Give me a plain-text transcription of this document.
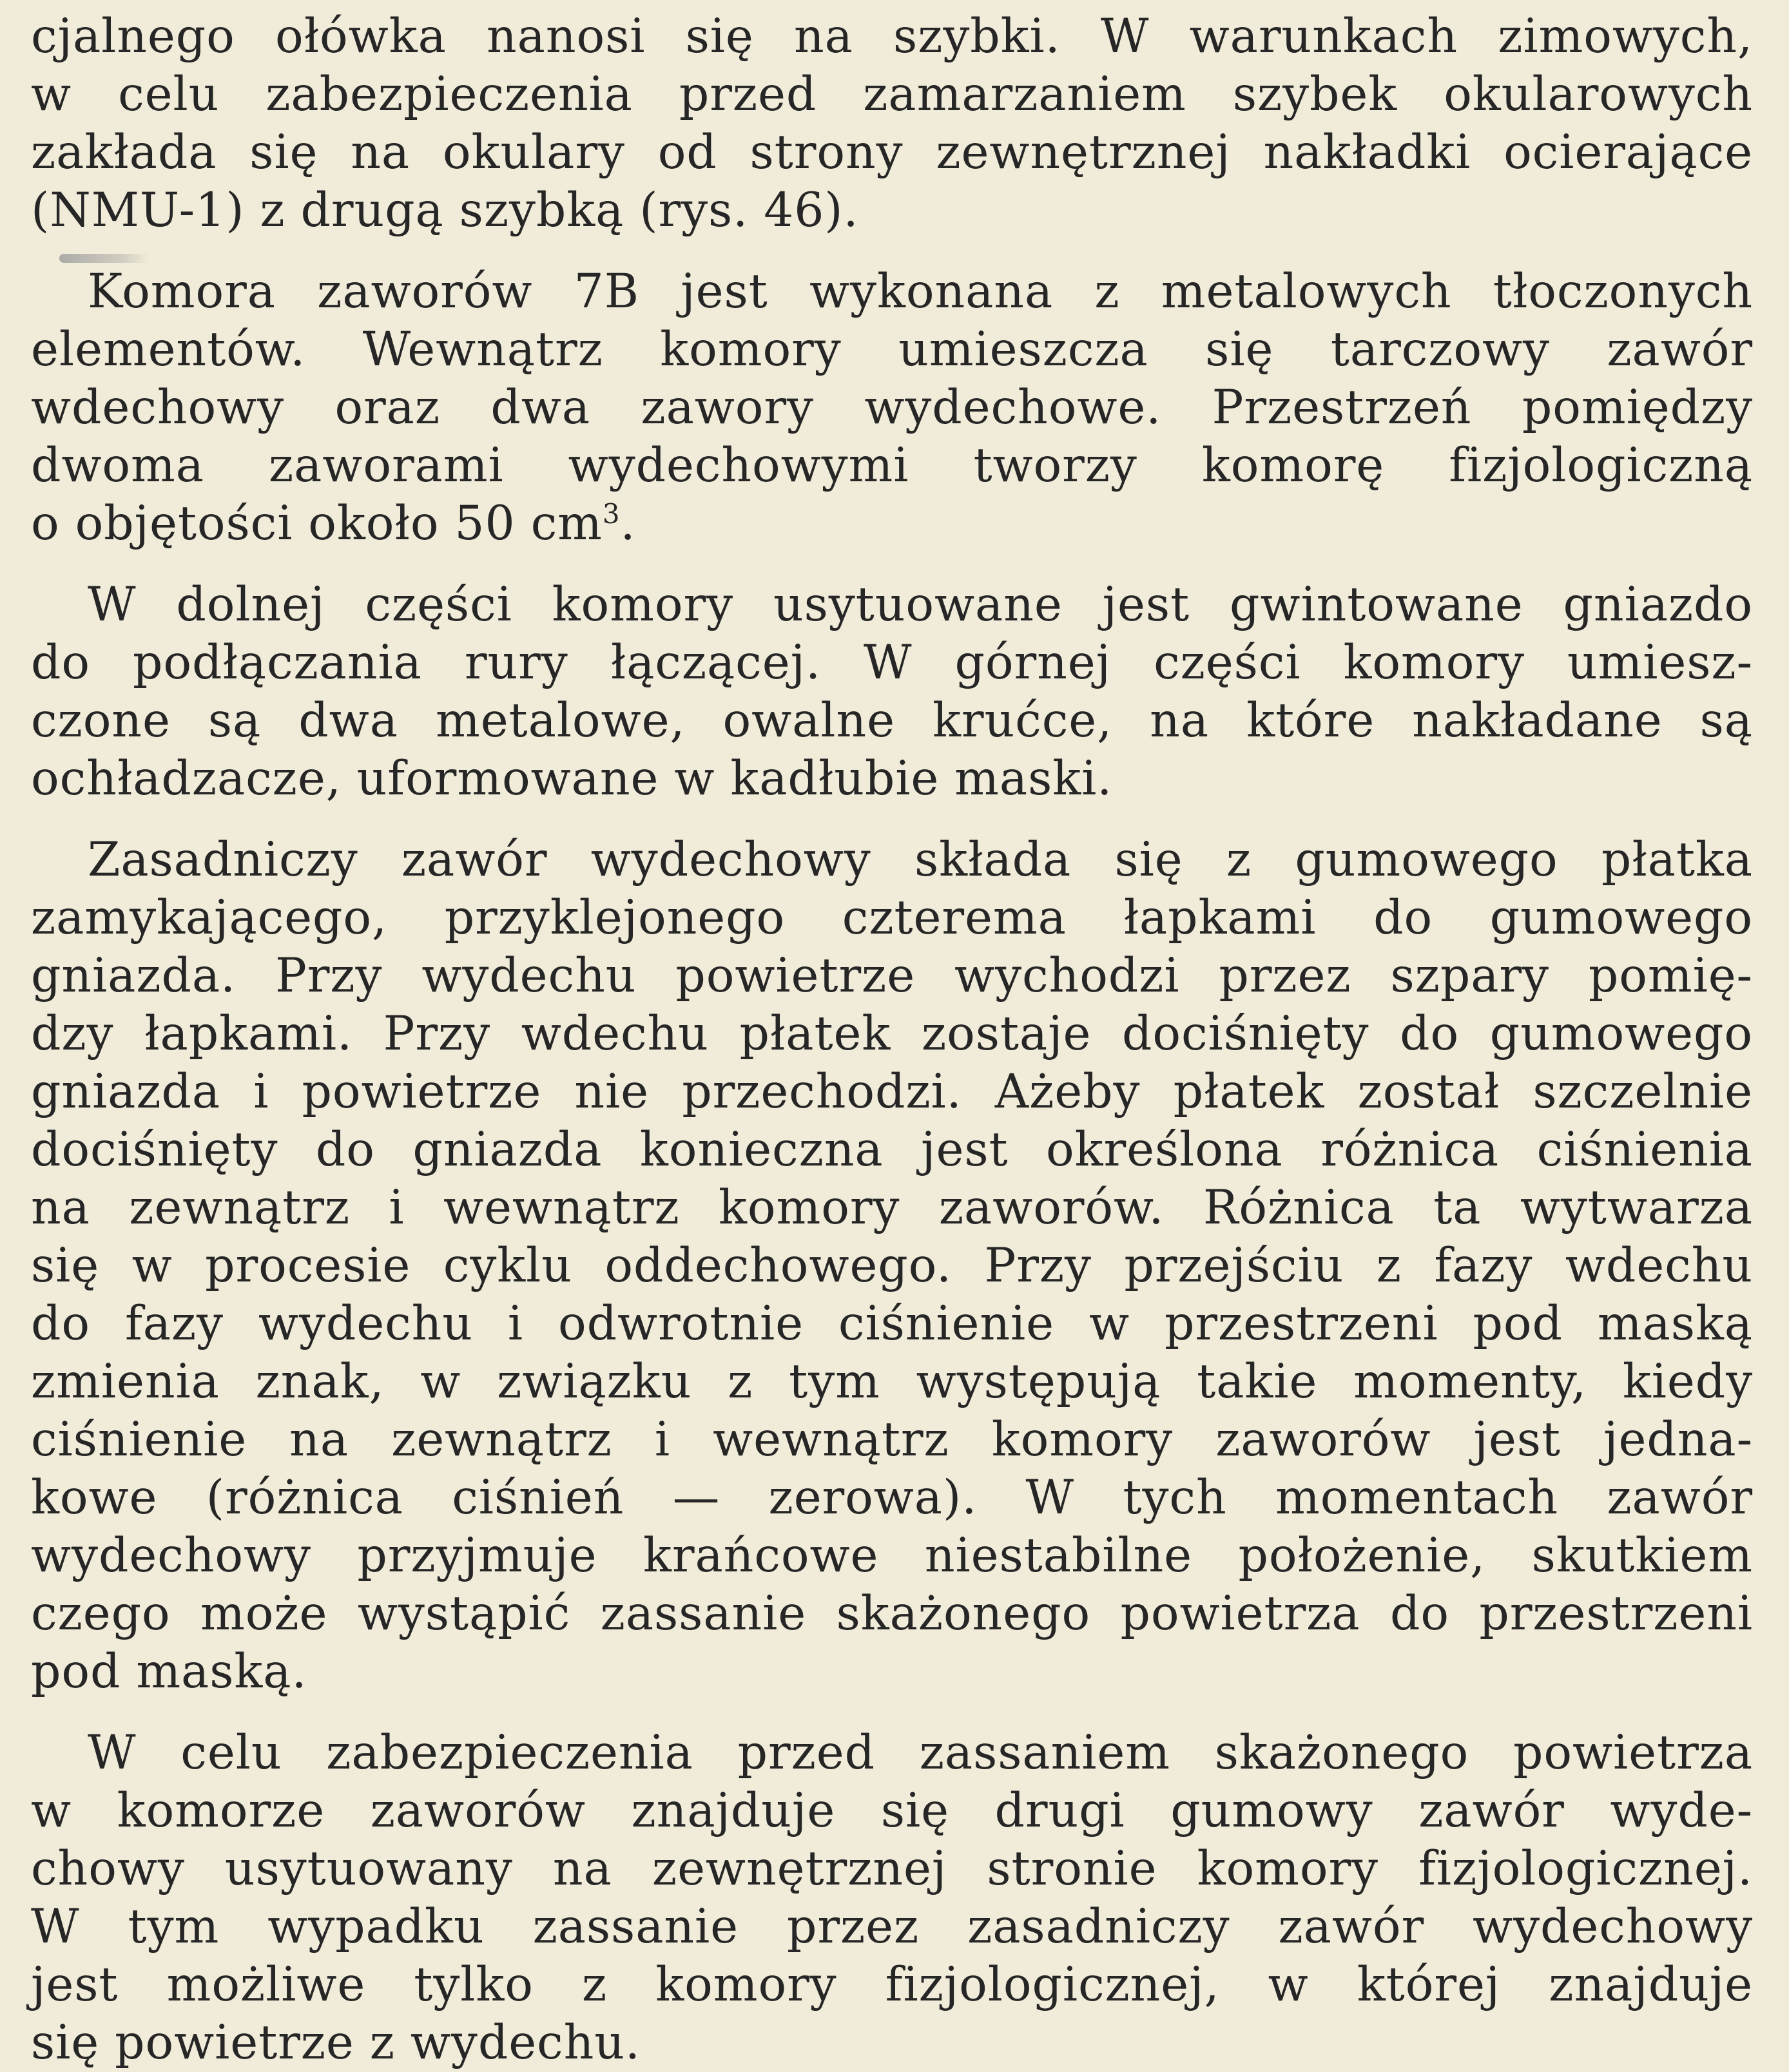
cjalnego ołówka nanosi się na szybki. W warunkach zimowych,
w celu zabezpieczenia przed zamarzaniem szybek okularowych
zakłada się na okulary od strony zewnętrznej nakładki ocierające
(NMU-1) z drugą szybką (rys. 46).
Komora zaworów 7B jest wykonana z metalowych tłoczonych
elementów. Wewnątrz komory umieszcza się tarczowy zawór
wdechowy oraz dwa zawory wydechowe. Przestrzeń pomiędzy
dwoma zaworami wydechowymi tworzy komorę fizjologiczną
o objętości około 50 $cm^3$.
W dolnej części komory usytuowane jest gwintowane gniazdo
do podłączania rury łączącej. W górnej części komory umiesz-
czone są dwa metalowe, owalne krućce, na które nakładane są
ochładzacze, uformowane w kadłubie maski.
Zasadniczy zawór wydechowy składa się z gumowego płatka
zamykającego, przyklejonego czterema łapkami do gumowego
gniazda. Przy wydechu powietrze wychodzi przez szpary pomię-
dzy łapkami. Przy wdechu płatek zostaje dociśnięty do gumowego
gniazda i powietrze nie przechodzi. Ażeby płatek został szczelnie
dociśnięty do gniazda konieczna jest określona różnica ciśnienia
na zewnątrz i wewnątrz komory zaworów. Różnica ta wytwarza
się w procesie cyklu oddechowego. Przy przejściu z fazy wdechu
do fazy wydechu i odwrotnie ciśnienie w przestrzeni pod maską
zmienia znak, w związku z tym występują takie momenty, kiedy
ciśnienie na zewnątrz i wewnątrz komory zaworów jest jedna-
kowe (różnica ciśnień — zerowa). W tych momentach zawór
wydechowy przyjmuje krańcowe niestabilne położenie, skutkiem
czego może wystąpić zassanie skażonego powietrza do przestrzeni
pod maską.
W celu zabezpieczenia przed zassaniem skażonego powietrza
w komorze zaworów znajduje się drugi gumowy zawór wyde-
chowy usytuowany na zewnętrznej stronie komory fizjologicznej.
W tym wypadku zassanie przez zasadniczy zawór wydechowy
jest możliwe tylko z komory fizjologicznej, w której znajduje
się powietrze z wydechu.
